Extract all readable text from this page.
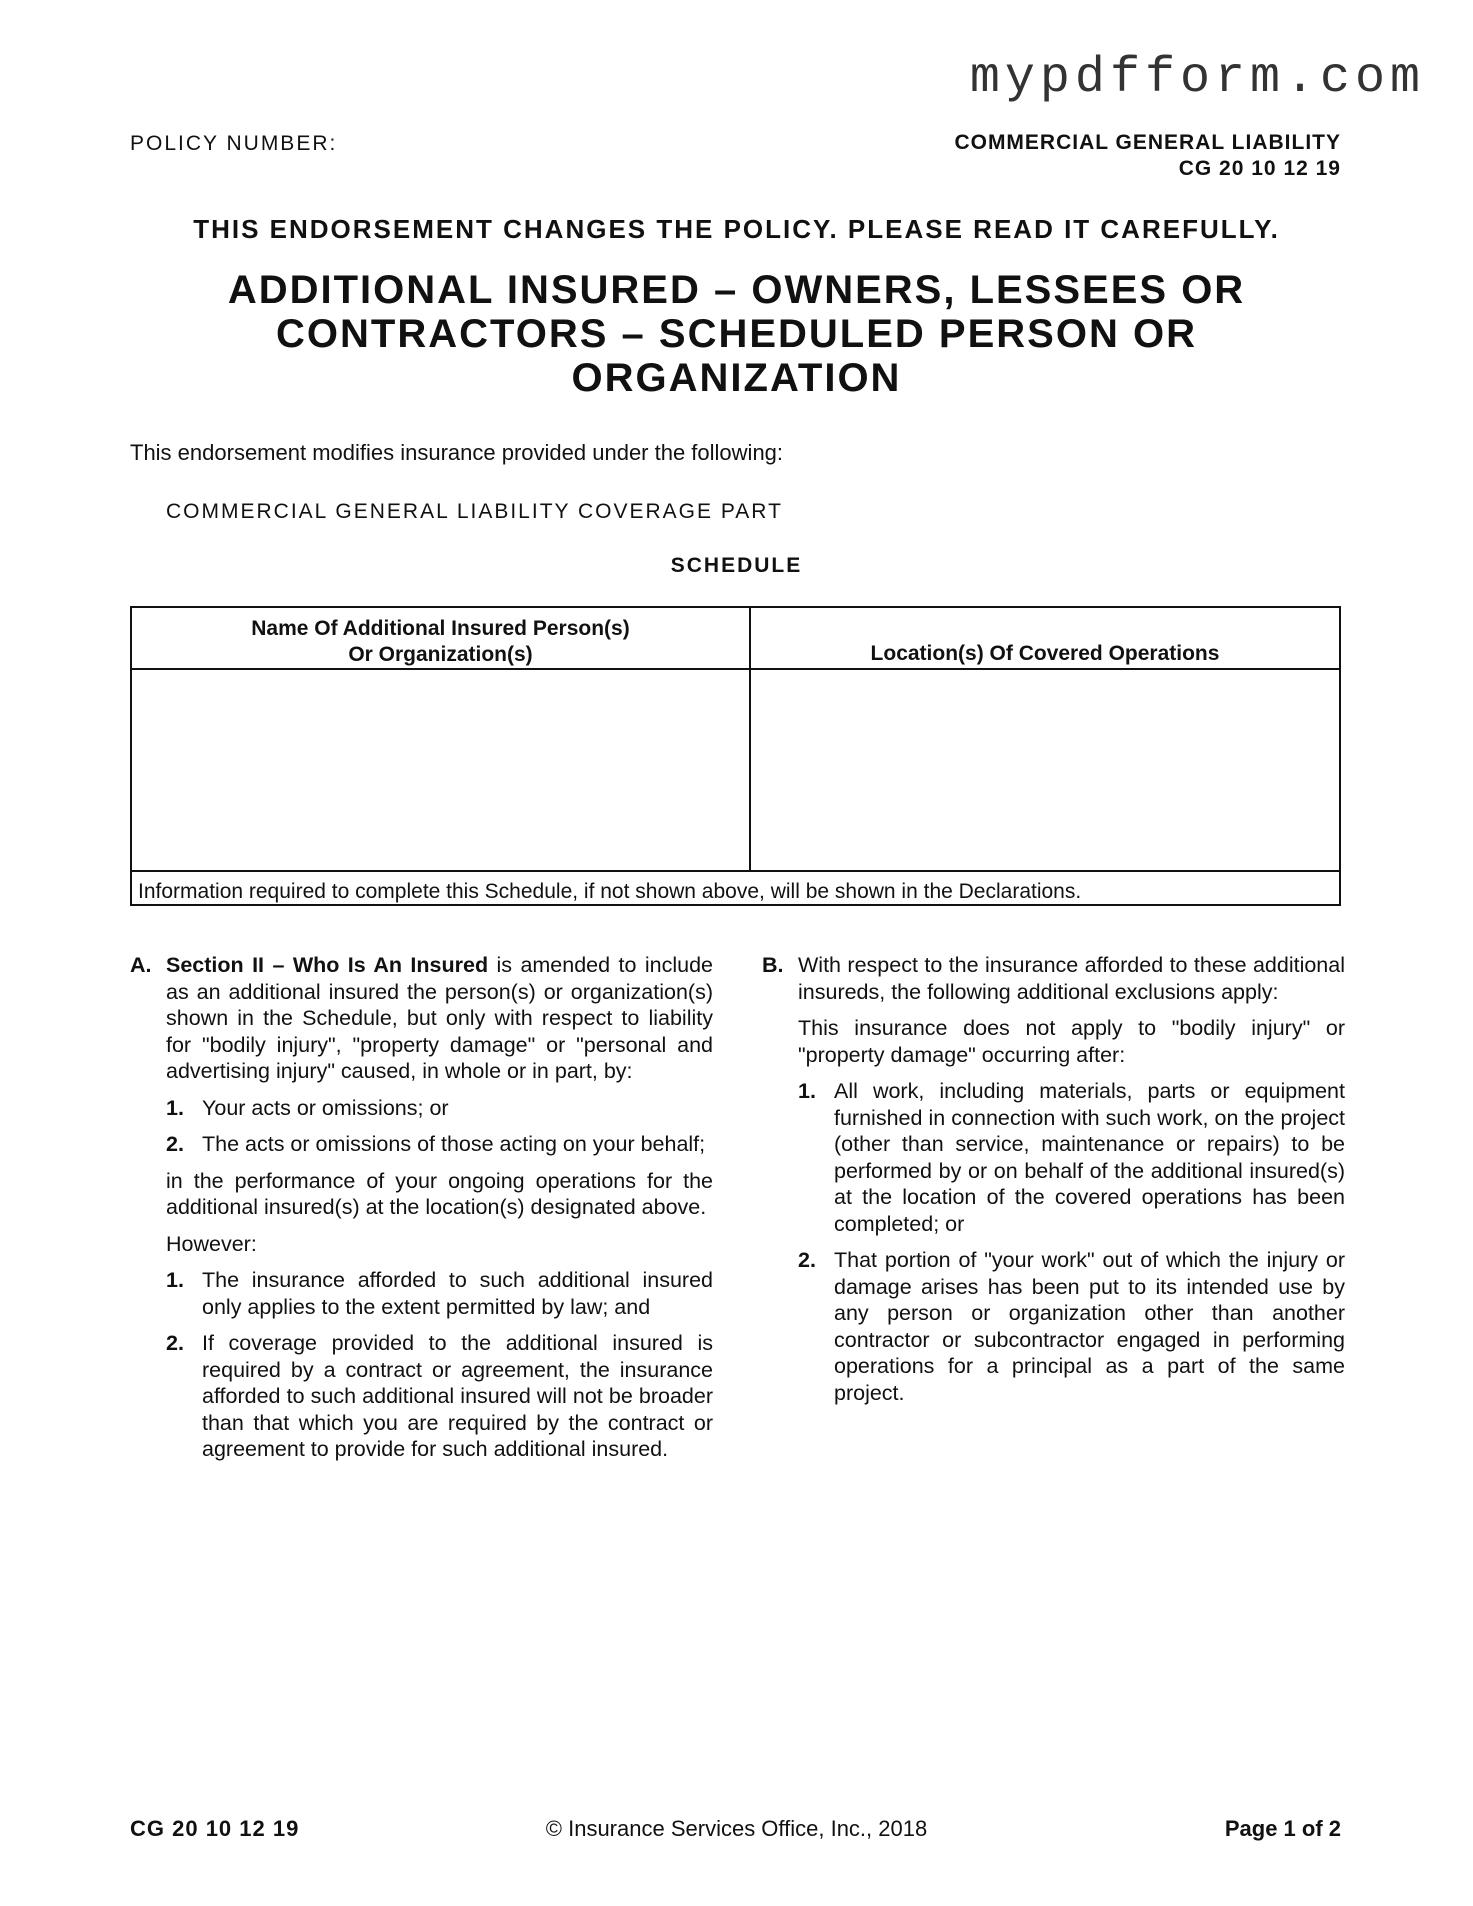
mypdfform.com
POLICY NUMBER:	COMMERCIAL GENERAL LIABILITY
CG 20 10 12 19
THIS ENDORSEMENT CHANGES THE POLICY. PLEASE READ IT CAREFULLY.
ADDITIONAL INSURED – OWNERS, LESSEES OR
CONTRACTORS – SCHEDULED PERSON OR
ORGANIZATION
This endorsement modifies insurance provided under the following:
COMMERCIAL GENERAL LIABILITY COVERAGE PART
SCHEDULE
Name Of Additional Insured Person(s)
Or Organization(s)	Location(s) Of Covered Operations
Information required to complete this Schedule, if not shown above, will be shown in the Declarations.
A. Section II – Who Is An Insured is amended to include as an additional insured the person(s) or organization(s) shown in the Schedule, but only with respect to liability for "bodily injury", "property damage" or "personal and advertising injury" caused, in whole or in part, by:
1. Your acts or omissions; or
2. The acts or omissions of those acting on your behalf;
in the performance of your ongoing operations for the additional insured(s) at the location(s) designated above.
However:
1. The insurance afforded to such additional insured only applies to the extent permitted by law; and
2. If coverage provided to the additional insured is required by a contract or agreement, the insurance afforded to such additional insured will not be broader than that which you are required by the contract or agreement to provide for such additional insured.
B. With respect to the insurance afforded to these additional insureds, the following additional exclusions apply:
This insurance does not apply to "bodily injury" or "property damage" occurring after:
1. All work, including materials, parts or equipment furnished in connection with such work, on the project (other than service, maintenance or repairs) to be performed by or on behalf of the additional insured(s) at the location of the covered operations has been completed; or
2. That portion of "your work" out of which the injury or damage arises has been put to its intended use by any person or organization other than another contractor or subcontractor engaged in performing operations for a principal as a part of the same project.
CG 20 10 12 19	© Insurance Services Office, Inc., 2018	Page 1 of 2
